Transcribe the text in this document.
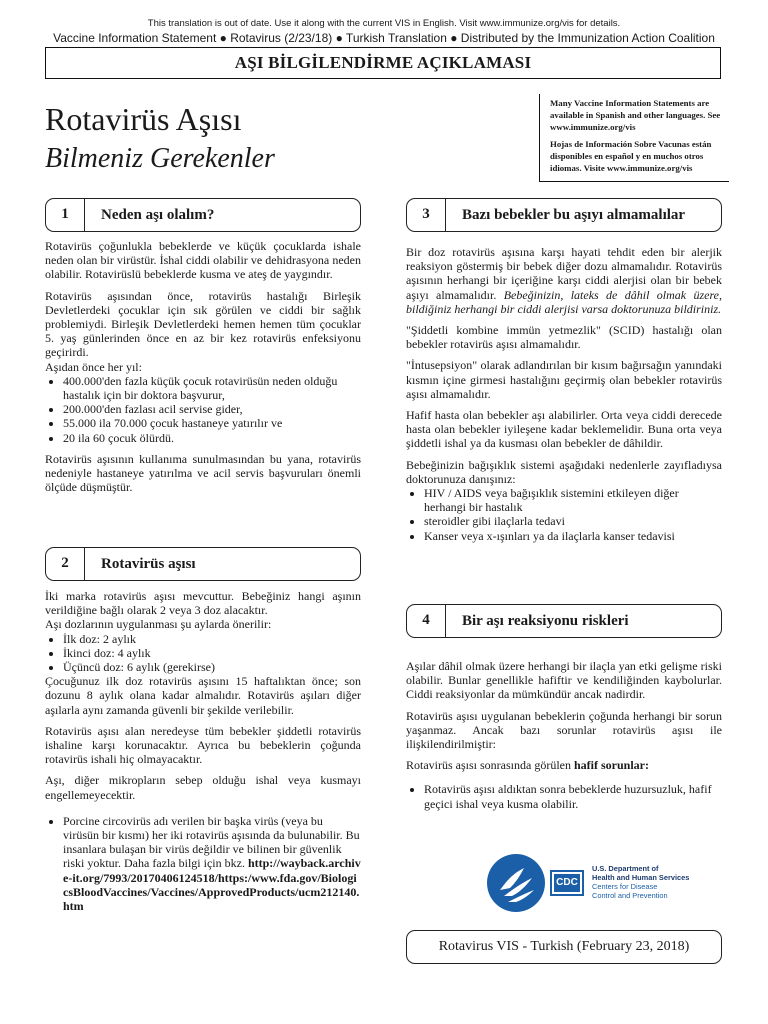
This translation is out of date. Use it along with the current VIS in English. Visit www.immunize.org/vis for details.
Vaccine Information Statement ● Rotavirus (2/23/18) ● Turkish Translation ● Distributed by the Immunization Action Coalition
AŞI BİLGİLENDİRME AÇIKLAMASI
Rotavirüs Aşısı
Bilmeniz Gerekenler

Many Vaccine Information Statements are available in Spanish and other languages. See www.immunize.org/vis

Hojas de Información Sobre Vacunas están disponibles en español y en muchos otros idiomas. Visite www.immunize.org/vis

1	Neden aşı olalım?
2	Rotavirüs aşısı
3	Bazı bebekler bu aşıyı almamalılar
4	Bir aşı reaksiyonu riskleri

Rotavirüs çoğunlukla bebeklerde ve küçük çocuklarda ishale neden olan bir virüstür. İshal ciddi olabilir ve dehidrasyona neden olabilir. Rotavirüslü bebeklerde kusma ve ateş de yaygındır.

Rotavirüs aşısından önce, rotavirüs hastalığı Birleşik Devletlerdeki çocuklar için sık görülen ve ciddi bir sağlık problemiydi. Birleşik Devletlerdeki hemen hemen tüm çocuklar 5. yaş günlerinden önce en az bir kez rotavirüs enfeksiyonu geçirirdi.

Aşıdan önce her yıl:

• 400.000'den fazla küçük çocuk rotavirüsün neden olduğu hastalık için bir doktora başvurur,
• 200.000'den fazlası acil servise gider,
• 55.000 ila 70.000 çocuk hastaneye yatırılır ve
• 20 ila 60 çocuk ölürdü.

Rotavirüs aşısının kullanıma sunulmasından bu yana, rotavirüs nedeniyle hastaneye yatırılma ve acil servis başvuruları önemli ölçüde düşmüştür.

İki marka rotavirüs aşısı mevcuttur. Bebeğiniz hangi aşının verildiğine bağlı olarak 2 veya 3 doz alacaktır.

Aşı dozlarının uygulanması şu aylarda önerilir:

• İlk doz: 2 aylık
• İkinci doz: 4 aylık
• Üçüncü doz: 6 aylık (gerekirse)

Çocuğunuz ilk doz rotavirüs aşısını 15 haftalıktan önce; son dozunu 8 aylık olana kadar almalıdır. Rotavirüs aşıları diğer aşılarla aynı zamanda güvenli bir şekilde verilebilir.

Rotavirüs aşısı alan neredeyse tüm bebekler şiddetli rotavirüs ishaline karşı korunacaktır. Ayrıca bu bebeklerin çoğunda rotavirüs ishali hiç olmayacaktır.

Aşı, diğer mikropların sebep olduğu ishal veya kusmayı engellemeyecektir.

• Porcine circovirüs adı verilen bir başka virüs (veya bu virüsün bir kısmı) her iki rotavirüs aşısında da bulunabilir. Bu insanlara bulaşan bir virüs değildir ve bilinen bir güvenlik riski yoktur. Daha fazla bilgi için bkz. http://wayback.archive-it.org/7993/20170406124518/https:/www.fda.gov/BiologicsBloodVaccines/Vaccines/ApprovedProducts/ucm212140.htm

Bir doz rotavirüs aşısına karşı hayati tehdit eden bir alerjik reaksiyon göstermiş bir bebek diğer dozu almamalıdır. Rotavirüs aşısının herhangi bir içeriğine karşı ciddi alerjisi olan bir bebek aşıyı almamalıdır. Bebeğinizin, lateks de dâhil olmak üzere, bildiğiniz herhangi bir ciddi alerjisi varsa doktorunuza bildiriniz.

"Şiddetli kombine immün yetmezlik" (SCID) hastalığı olan bebekler rotavirüs aşısı almamalıdır.

"İntusepsiyon" olarak adlandırılan bir kısım bağırsağın yanındaki kısmın içine girmesi hastalığını geçirmiş olan bebekler rotavirüs aşısı almamalıdır.

Hafif hasta olan bebekler aşı alabilirler. Orta veya ciddi derecede hasta olan bebekler iyileşene kadar beklemelidir. Buna orta veya şiddetli ishal ya da kusması olan bebekler de dâhildir.

Bebeğinizin bağışıklık sistemi aşağıdaki nedenlerle zayıfladıysa doktorunuza danışınız:

• HIV / AIDS veya bağışıklık sistemini etkileyen diğer herhangi bir hastalık
• steroidler gibi ilaçlarla tedavi
• Kanser veya x-ışınları ya da ilaçlarla kanser tedavisi

Aşılar dâhil olmak üzere herhangi bir ilaçla yan etki gelişme riski olabilir. Bunlar genellikle hafiftir ve kendiliğinden kaybolurlar. Ciddi reaksiyonlar da mümkündür ancak nadirdir.

Rotavirüs aşısı uygulanan bebeklerin çoğunda herhangi bir sorun yaşanmaz. Ancak bazı sorunlar rotavirüs aşısı ile ilişkilendirilmiştir:

Rotavirüs aşısı sonrasında görülen hafif sorunlar:

• Rotavirüs aşısı aldıktan sonra bebeklerde huzursuzluk, hafif geçici ishal veya kusma olabilir.
CDC
U.S. Department of
Health and Human Services
Centers for Disease
Control and Prevention
Rotavirus VIS - Turkish (February 23, 2018)
